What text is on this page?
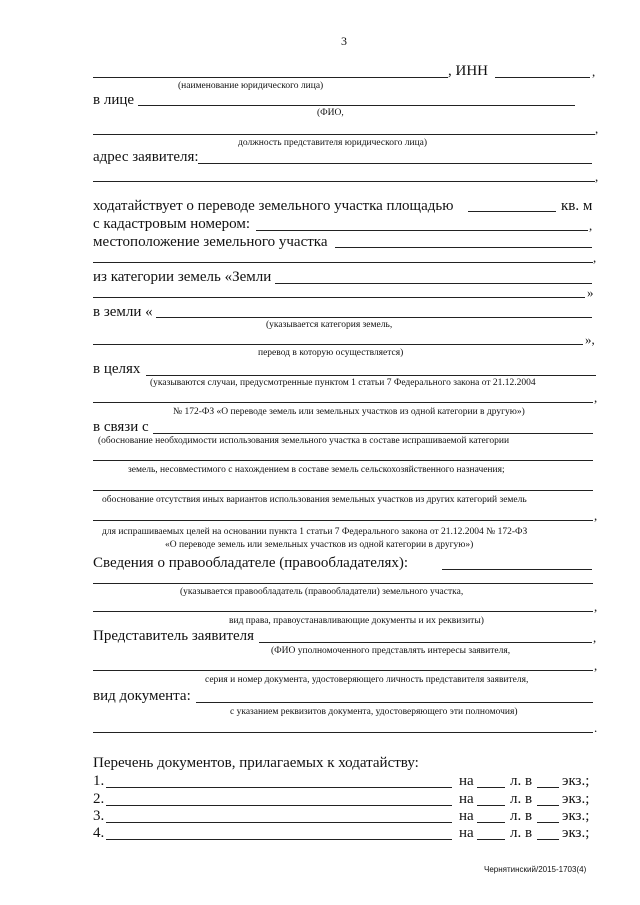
3
, ИНН	,
(наименование юридического лица)
в лице
(ФИО,
,
должность представителя юридического лица)
адрес заявителя:
,
ходатайствует о переводе земельного участка площадью	кв. м
с кадастровым номером:	,
местоположение земельного участка
,
из категории земель «Земли
»
в земли «
(указывается категория земель,
»,
перевод в которую осуществляется)
в целях
(указываются случаи, предусмотренные пунктом 1 статьи 7 Федерального закона от 21.12.2004
,
№ 172-ФЗ «О переводе земель или земельных участков из одной категории в другую»)
в связи с
(обоснование необходимости использования земельного участка в составе испрашиваемой категории
земель, несовместимого с нахождением в составе земель сельскохозяйственного назначения;
обоснование отсутствия иных вариантов использования земельных участков из других категорий земель
,
для испрашиваемых целей на основании пункта 1 статьи 7 Федерального закона от 21.12.2004 № 172-ФЗ
«О переводе земель или земельных участков из одной категории в другую»)
Сведения о правообладателе (правообладателях):
(указывается правообладатель (правообладатели) земельного участка,
,
вид права, правоустанавливающие документы и их реквизиты)
Представитель заявителя	,
(ФИО уполномоченного представлять интересы заявителя,
,
серия и номер документа, удостоверяющего личность представителя заявителя,
вид документа:
с указанием реквизитов документа, удостоверяющего эти полномочия)
.
Перечень документов, прилагаемых к ходатайству:
1.	на л. в экз.;
2.	на л. в экз.;
3.	на л. в экз.;
4.	на л. в экз.;
Чернятинский/2015-1703(4)
